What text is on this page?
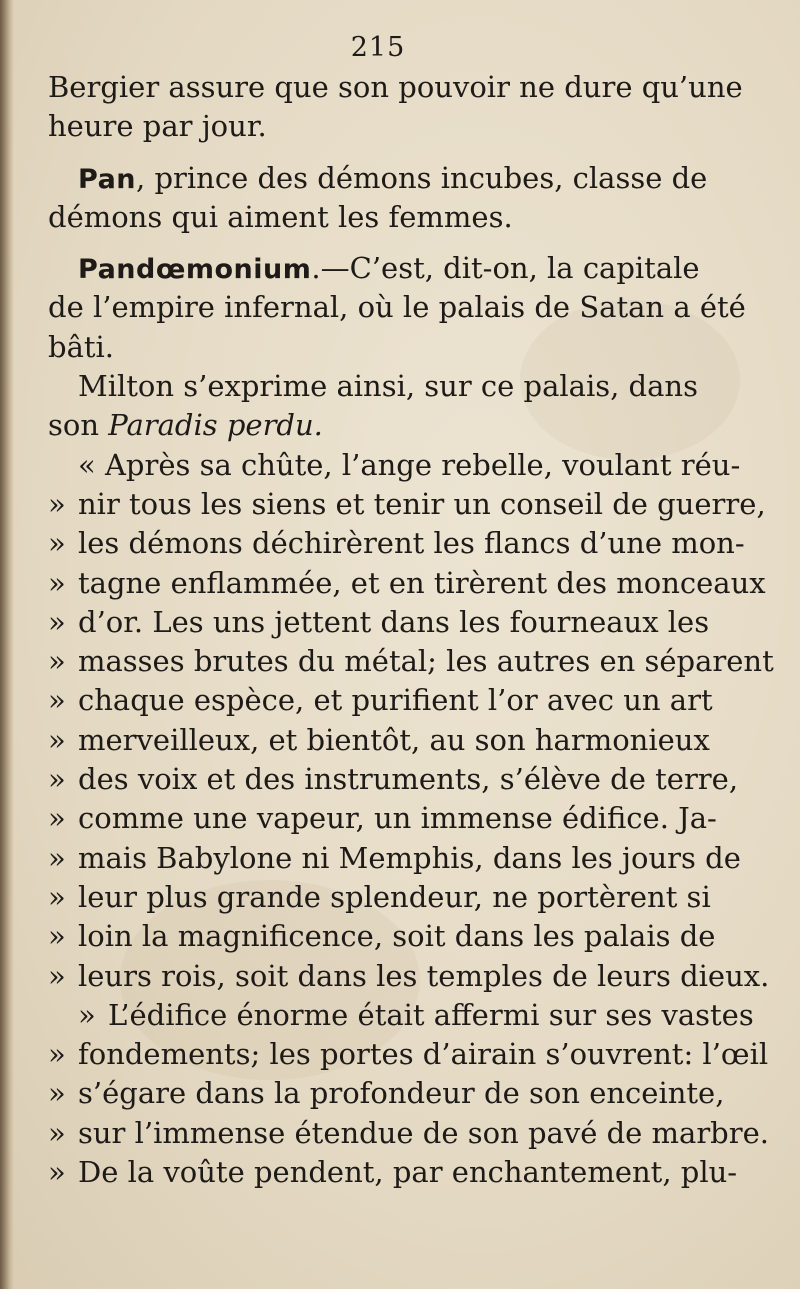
215
Bergier assure que son pouvoir ne dure qu’une
heure par jour.
Pan, prince des démons incubes, classe de
démons qui aiment les femmes.
Pandœmonium.—C’est, dit-on, la capitale
de l’empire infernal, où le palais de Satan a été
bâti.
Milton s’exprime ainsi, sur ce palais, dans
son Paradis perdu.
« Après sa chûte, l’ange rebelle, voulant réu-
» nir tous les siens et tenir un conseil de guerre,
» les démons déchirèrent les flancs d’une mon-
» tagne enflammée, et en tirèrent des monceaux
» d’or. Les uns jettent dans les fourneaux les
» masses brutes du métal; les autres en séparent
» chaque espèce, et purifient l’or avec un art
» merveilleux, et bientôt, au son harmonieux
» des voix et des instruments, s’élève de terre,
» comme une vapeur, un immense édifice. Ja-
» mais Babylone ni Memphis, dans les jours de
» leur plus grande splendeur, ne portèrent si
» loin la magnificence, soit dans les palais de
» leurs rois, soit dans les temples de leurs dieux.
» L’édifice énorme était affermi sur ses vastes
» fondements; les portes d’airain s’ouvrent: l’œil
» s’égare dans la profondeur de son enceinte,
» sur l’immense étendue de son pavé de marbre.
» De la voûte pendent, par enchantement, plu-
